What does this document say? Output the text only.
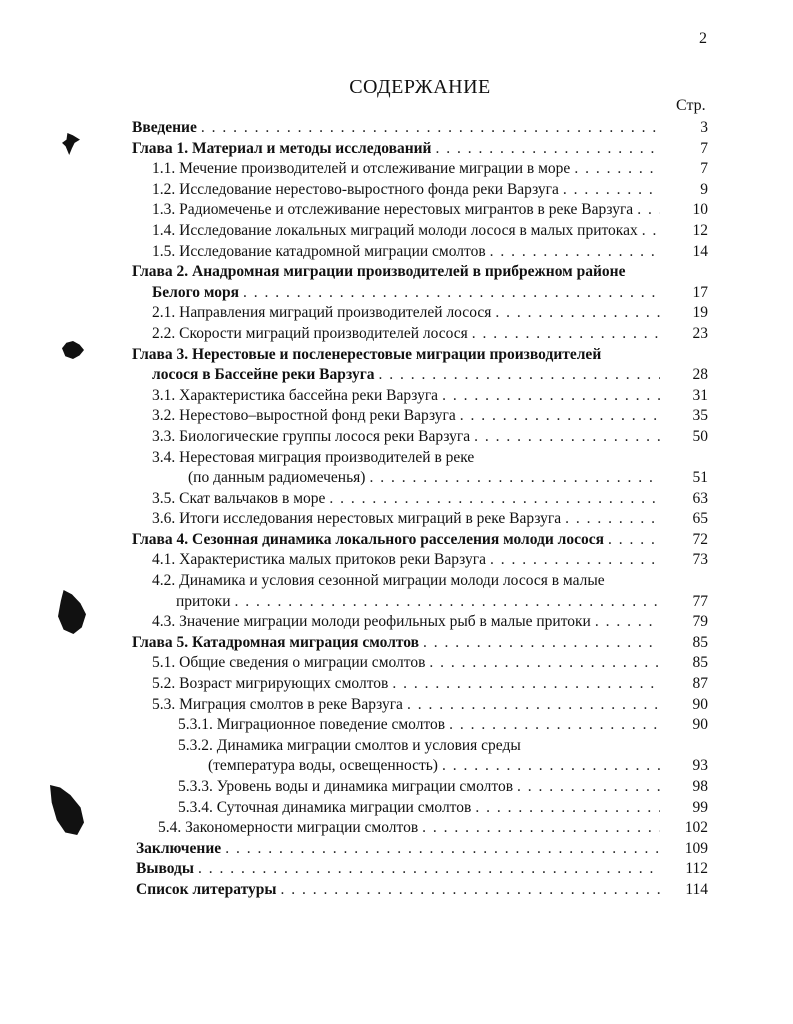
2
СОДЕРЖАНИЕ
Стр.
Введение . . .	3
Глава 1. Материал и методы исследований . . .	7
1.1. Мечение производителей и отслеживание миграции в море . . .	7
1.2. Исследование нерестово-выростного фонда реки Варзуга . . .	9
1.3. Радиомеченье и отслеживание нерестовых мигрантов в реке Варзуга . . .	10
1.4. Исследование локальных миграций молоди лосося в малых притоках . . .	12
1.5. Исследование катадромной миграции смолтов . . .	14
Глава 2. Анадромная миграции производителей в прибрежном районе
Белого моря . . .	17
2.1. Направления миграций производителей лосося . . .	19
2.2. Скорости миграций производителей лосося . . .	23
Глава 3. Нерестовые и посленерестовые миграции производителей
лосося в Бассейне реки Варзуга . . .	28
3.1. Характеристика бассейна реки Варзуга . . .	31
3.2. Нерестово–выростной фонд реки Варзуга . . .	35
3.3. Биологические группы лосося реки Варзуга . . .	50
3.4. Нерестовая миграция производителей в реке
(по данным радиомеченья) . . .	51
3.5. Скат вальчаков в море . . .	63
3.6. Итоги исследования нерестовых миграций в реке Варзуга . . .	65
Глава 4. Сезонная динамика локального расселения молоди лосося . . .	72
4.1. Характеристика малых притоков реки Варзуга . . .	73
4.2. Динамика и условия сезонной миграции молоди лосося в малые
притоки . . .	77
4.3. Значение миграции молоди реофильных рыб в малые притоки . . .	79
Глава 5. Катадромная миграция смолтов . . .	85
5.1. Общие сведения о миграции смолтов . . .	85
5.2. Возраст мигрирующих смолтов . . .	87
5.3. Миграция смолтов в реке Варзуга . . .	90
5.3.1. Миграционное поведение смолтов . . .	90
5.3.2. Динамика миграции смолтов и условия среды
(температура воды, освещенность) . . .	93
5.3.3. Уровень воды и динамика миграции смолтов . . .	98
5.3.4. Суточная динамика миграции смолтов . . .	99
5.4. Закономерности миграции смолтов . . .	102
Заключение . . .	109
Выводы . . .	112
Список литературы . . .	114
